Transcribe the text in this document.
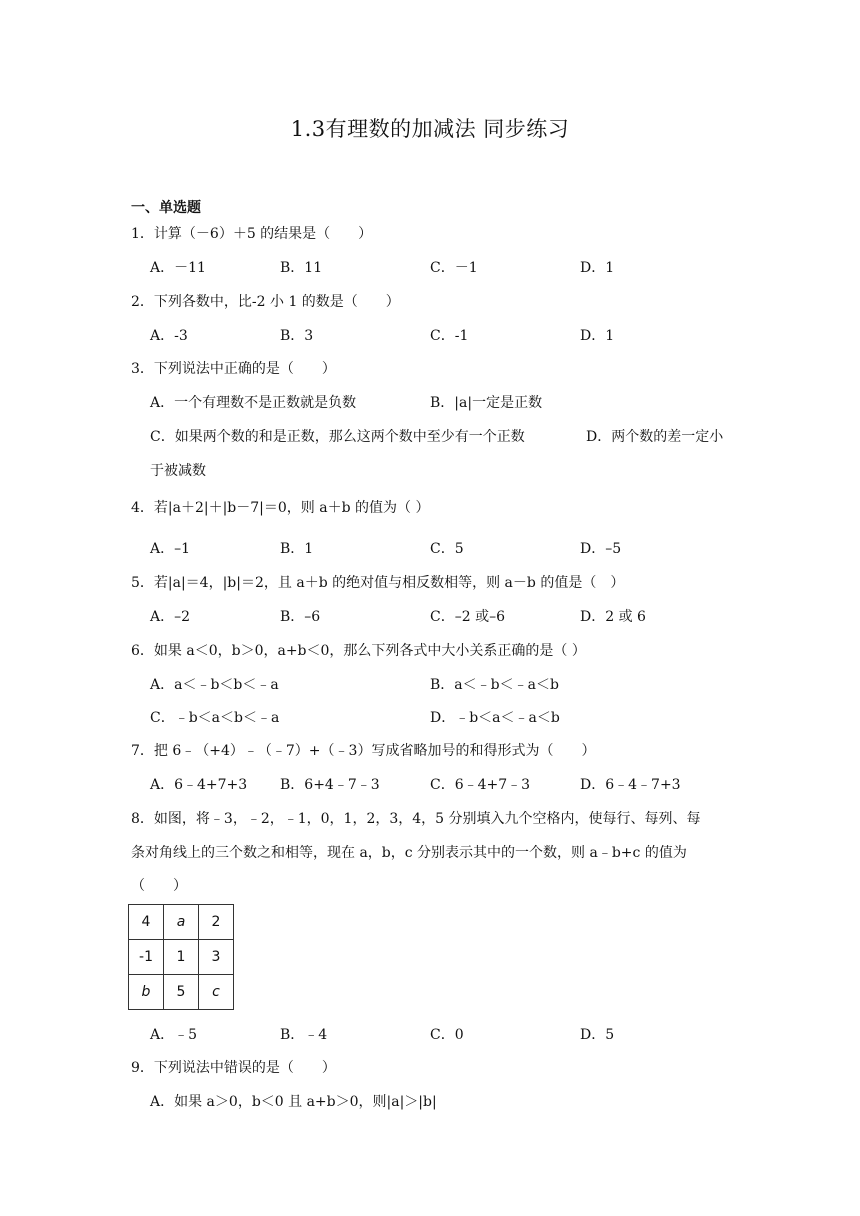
1.3有理数的加减法 同步练习
一、单选题
1．计算（－6）＋5 的结果是（　　）
A．－11	B．11	C．－1	D．1
2．下列各数中，比-2 小 1 的数是（　　）
A．-3	B．3	C．-1	D．1
3．下列说法中正确的是（　　）
A．一个有理数不是正数就是负数	B．|a|一定是正数
C．如果两个数的和是正数，那么这两个数中至少有一个正数	D．两个数的差一定小
于被减数
4．若|a＋2|＋|b－7|＝0，则 a＋b 的值为（ ）
A．–1	B．1	C．5	D．–5
5．若|a|＝4，|b|＝2，且 a＋b 的绝对值与相反数相等，则 a－b 的值是（　）
A．–2	B．–6	C．–2 或–6	D．2 或 6
6．如果 a＜0，b＞0，a+b＜0，那么下列各式中大小关系正确的是（ ）
A．a＜﹣b＜b＜﹣a	B．a＜﹣b＜﹣a＜b
C．﹣b＜a＜b＜﹣a	D．﹣b＜a＜﹣a＜b
7．把 6﹣（+4）﹣（﹣7）+（﹣3）写成省略加号的和得形式为（　　）
A．6﹣4+7+3 B．6+4﹣7﹣3	C．6﹣4+7﹣3	D．6﹣4﹣7+3
8．如图，将﹣3，﹣2，﹣1，0，1，2，3，4，5 分别填入九个空格内，使每行、每列、每
条对角线上的三个数之和相等，现在 a，b，c 分别表示其中的一个数，则 a﹣b+c 的值为
（　　）
4	a	2
-1	1	3
b	5	c
A．﹣5	B．﹣4	C．0	D．5
9．下列说法中错误的是（　　）
A．如果 a＞0，b＜0 且 a+b＞0，则|a|＞|b|
